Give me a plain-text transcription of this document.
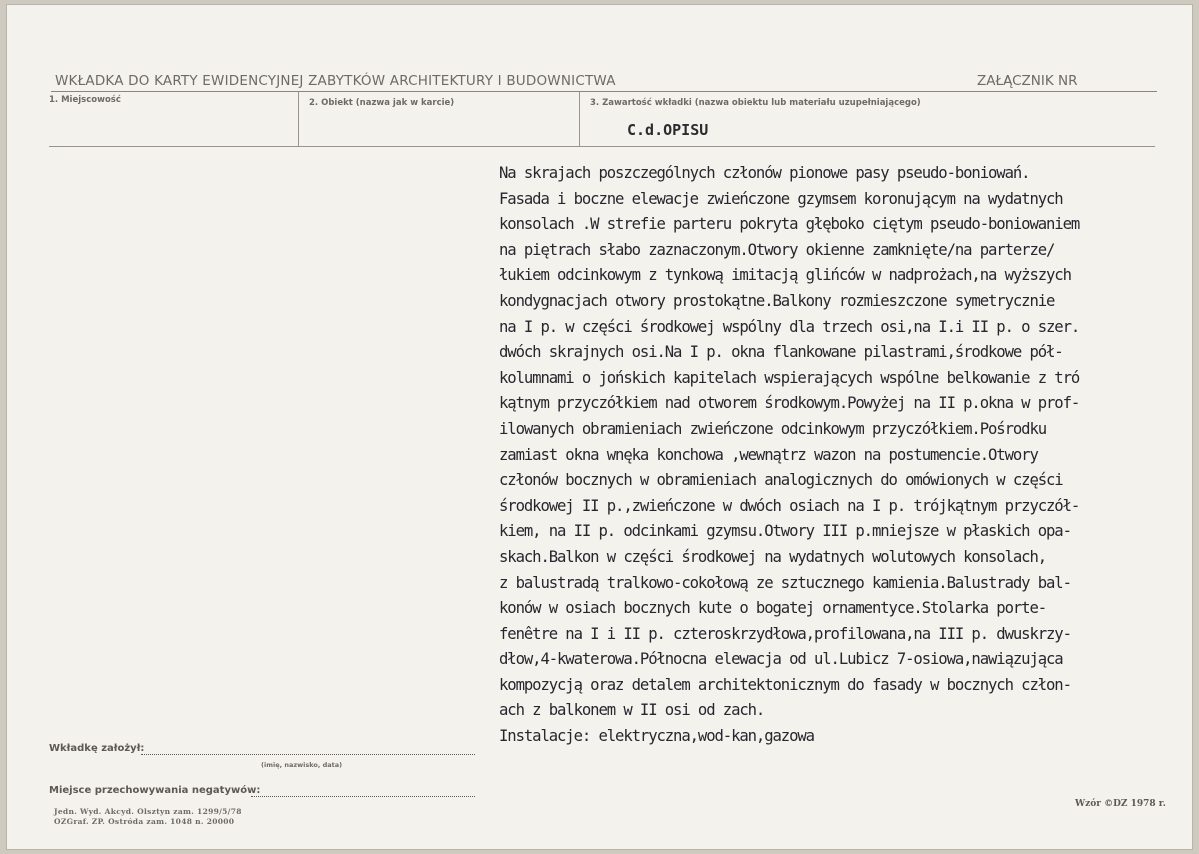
WKŁADKA DO KARTY EWIDENCYJNEJ ZABYTKÓW ARCHITEKTURY I BUDOWNICTWA	ZAŁĄCZNIK NR
1. Miejscowość	2. Obiekt (nazwa jak w karcie)	3. Zawartość wkładki (nazwa obiektu lub materiału uzupełniającego)
C.d.OPISU
Na skrajach poszczególnych członów pionowe pasy pseudo-boniowań.
Fasada i boczne elewacje zwieńczone gzymsem koronującym na wydatnych
konsolach .W strefie parteru pokryta głęboko ciętym pseudo-boniowaniem
na piętrach słabo zaznaczonym.Otwory okienne zamknięte/na parterze/
łukiem odcinkowym z tynkową imitacją glińców w nadprożach,na wyższych
kondygnacjach otwory prostokątne.Balkony rozmieszczone symetrycznie
na I p. w części środkowej wspólny dla trzech osi,na I.i II p. o szer.
dwóch skrajnych osi.Na I p. okna flankowane pilastrami,środkowe pół-
kolumnami o jońskich kapitelach wspierających wspólne belkowanie z tró
kątnym przyczółkiem nad otworem środkowym.Powyżej na II p.okna w prof-
ilowanych obramieniach zwieńczone odcinkowym przyczółkiem.Pośrodku
zamiast okna wnęka konchowa ,wewnątrz wazon na postumencie.Otwory
członów bocznych w obramieniach analogicznych do omówionych w części
środkowej II p.,zwieńczone w dwóch osiach na I p. trójkątnym przyczół-
kiem, na II p. odcinkami gzymsu.Otwory III p.mniejsze w płaskich opa-
skach.Balkon w części środkowej na wydatnych wolutowych konsolach,
z balustradą tralkowo-cokołową ze sztucznego kamienia.Balustrady bal-
konów w osiach bocznych kute o bogatej ornamentyce.Stolarka porte-
fenêtre na I i II p. czteroskrzydłowa,profilowana,na III p. dwuskrzy-
dłow,4-kwaterowa.Północna elewacja od ul.Lubicz 7-osiowa,nawiązująca
kompozycją oraz detalem architektonicznym do fasady w bocznych człon-
ach z balkonem w II osi od zach.
Instalacje: elektryczna,wod-kan,gazowa
Wkładkę założył:
(imię, nazwisko, data)
Miejsce przechowywania negatywów:
Jedn. Wyd. Akcyd. Olsztyn zam. 1299/5/78
OZGraf. ZP. Ostróda zam. 1048 n. 20000
Wzór ©DZ 1978 r.
